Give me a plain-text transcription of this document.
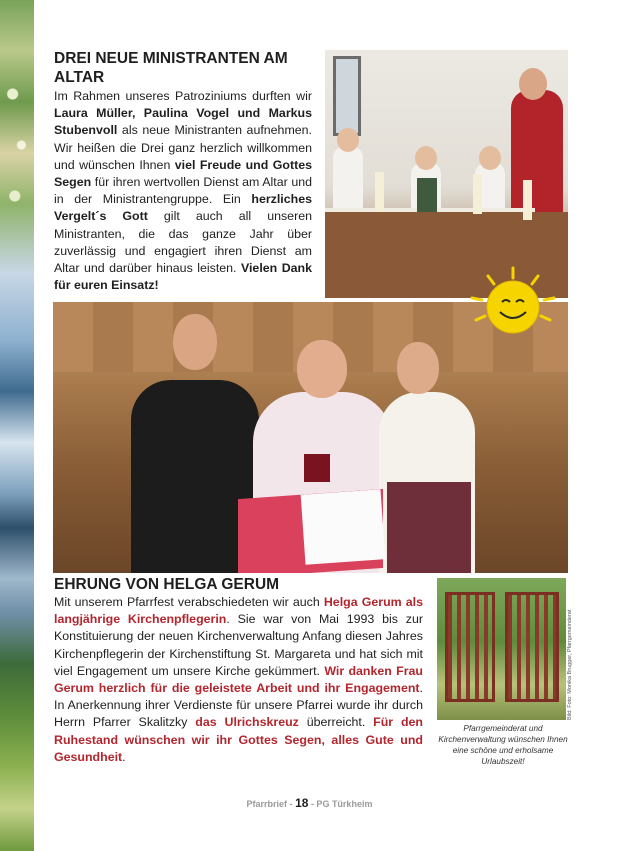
DREI NEUE MINISTRANTEN AM ALTAR

Im Rahmen unseres Patroziniums durften wir Laura Müller, Paulina Vogel und Markus Stubenvoll als neue Ministranten aufnehmen. Wir heißen die Drei ganz herzlich willkommen und wünschen Ihnen viel Freude und Gottes Segen für ihren wertvollen Dienst am Altar und in der Ministrantengruppe. Ein herzliches Vergelt´s Gott gilt auch all unseren Ministranten, die das ganze Jahr über zuverlässig und engagiert ihren Dienst am Altar und darüber hinaus leisten. Vielen Dank für euren Einsatz!

EHRUNG VON HELGA GERUM

Mit unserem Pfarrfest verabschiedeten wir auch Helga Gerum als langjährige Kirchenpflegerin. Sie war von Mai 1993 bis zur Konstituierung der neuen Kirchenverwaltung Anfang diesen Jahres Kirchenpflegerin der Kirchenstiftung St. Margareta und hat sich mit viel Engagement um unsere Kirche gekümmert. Wir danken Frau Gerum herzlich für die geleistete Arbeit und ihr Engagement. In Anerkennung ihrer Verdienste für unsere Pfarrei wurde ihr durch Herrn Pfarrer Skalitzky das Ulrichskreuz überreicht. Für den Ruhestand wünschen wir ihr Gottes Segen, alles Gute und Gesundheit.

Bild: Foto: Monika Brugger, Pfarrgemeinderat

Pfarrgemeinderat und Kirchenverwaltung wünschen Ihnen eine schöne und erholsame Urlaubszeit!

Pfarrbrief - 18 - PG Türkheim
